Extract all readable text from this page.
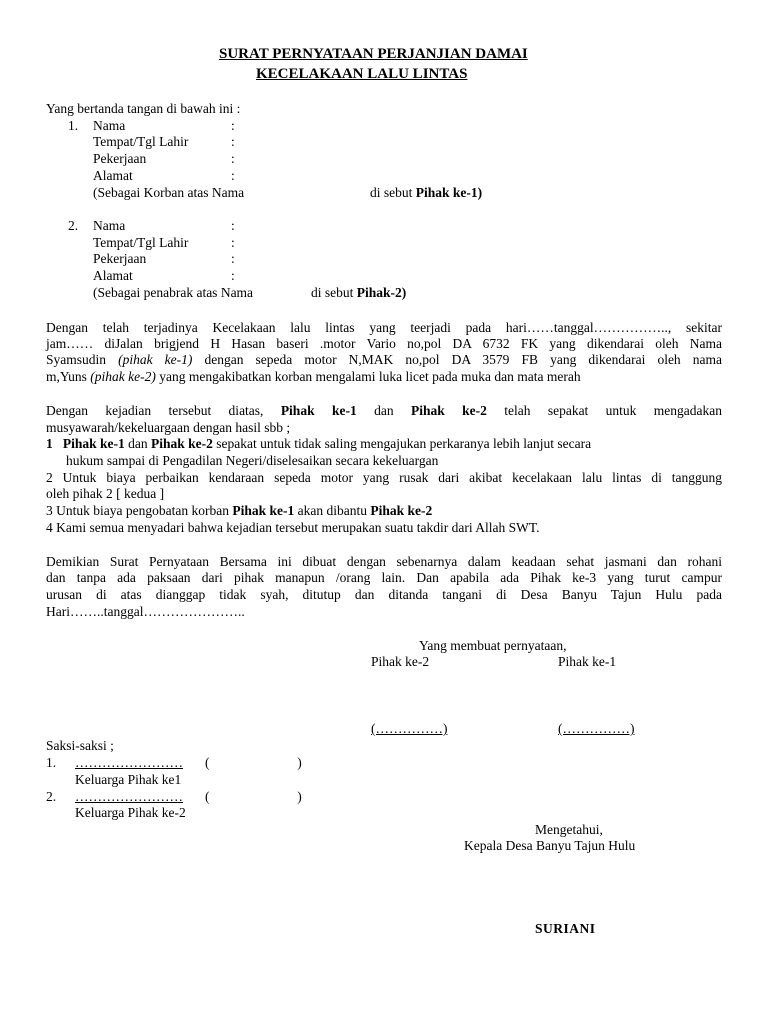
SURAT PERNYATAAN PERJANJIAN DAMAI
KECELAKAAN LALU LINTAS
Yang bertanda tangan di bawah ini :
1. Nama	:
Tempat/Tgl Lahir	:
Pekerjaan	:
Alamat	:
(Sebagai Korban atas Nama	di sebut Pihak ke-1)
2. Nama	:
Tempat/Tgl Lahir	:
Pekerjaan	:
Alamat	:
(Sebagai penabrak atas Nama	di sebut Pihak-2)
Dengan telah terjadinya Kecelakaan lalu lintas yang teerjadi pada hari……tanggal…………….., sekitar
jam…… diJalan brigjend H Hasan baseri .motor Vario no,pol DA 6732 FK yang dikendarai oleh Nama
Syamsudin (pihak ke-1) dengan sepeda motor N,MAK no,pol DA 3579 FB yang dikendarai oleh nama
m,Yuns (pihak ke-2) yang mengakibatkan korban mengalami luka licet pada muka dan mata merah
Dengan kejadian tersebut diatas, Pihak ke-1 dan Pihak ke-2 telah sepakat untuk mengadakan
musyawarah/kekeluargaan dengan hasil sbb ;
1 Pihak ke-1 dan Pihak ke-2 sepakat untuk tidak saling mengajukan perkaranya lebih lanjut secara
hukum sampai di Pengadilan Negeri/diselesaikan secara kekeluargan
2 Untuk biaya perbaikan kendaraan sepeda motor yang rusak dari akibat kecelakaan lalu lintas di tanggung
oleh pihak 2 [ kedua ]
3 Untuk biaya pengobatan korban Pihak ke-1 akan dibantu Pihak ke-2
4 Kami semua menyadari bahwa kejadian tersebut merupakan suatu takdir dari Allah SWT.
Demikian Surat Pernyataan Bersama ini dibuat dengan sebenarnya dalam keadaan sehat jasmani dan rohani
dan tanpa ada paksaan dari pihak manapun /orang lain. Dan apabila ada Pihak ke-3 yang turut campur
urusan di atas dianggap tidak syah, ditutup dan ditanda tangani di Desa Banyu Tajun Hulu pada
Hari……..tanggal…………………..
Yang membuat pernyataan,
Pihak ke-2	Pihak ke-1
(……………)	(……………)
Saksi-saksi ;
1. …………………… (                          )
Keluarga Pihak ke1
2. …………………… (                          )
Keluarga Pihak ke-2
Mengetahui,
Kepala Desa Banyu Tajun Hulu
SURIANI
